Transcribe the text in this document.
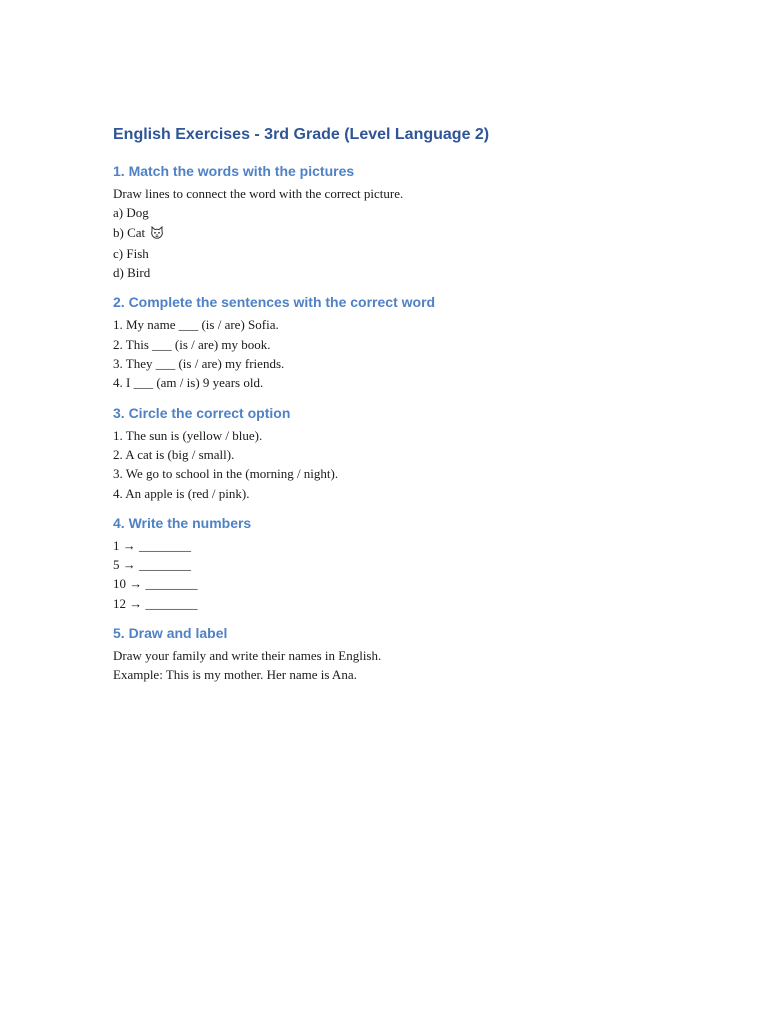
English Exercises - 3rd Grade (Level Language 2)
1. Match the words with the pictures

Draw lines to connect the word with the correct picture.

a) Dog

b) Cat

c) Fish

d) Bird

2. Complete the sentences with the correct word

1. My name ___ (is / are) Sofia.

2. This ___ (is / are) my book.

3. They ___ (is / are) my friends.

4. I ___ (am / is) 9 years old.

3. Circle the correct option

1. The sun is (yellow / blue).

2. A cat is (big / small).

3. We go to school in the (morning / night).

4. An apple is (red / pink).

4. Write the numbers

1 → ________

5 → ________

10 → ________

12 → ________

5. Draw and label

Draw your family and write their names in English.

Example: This is my mother. Her name is Ana.
